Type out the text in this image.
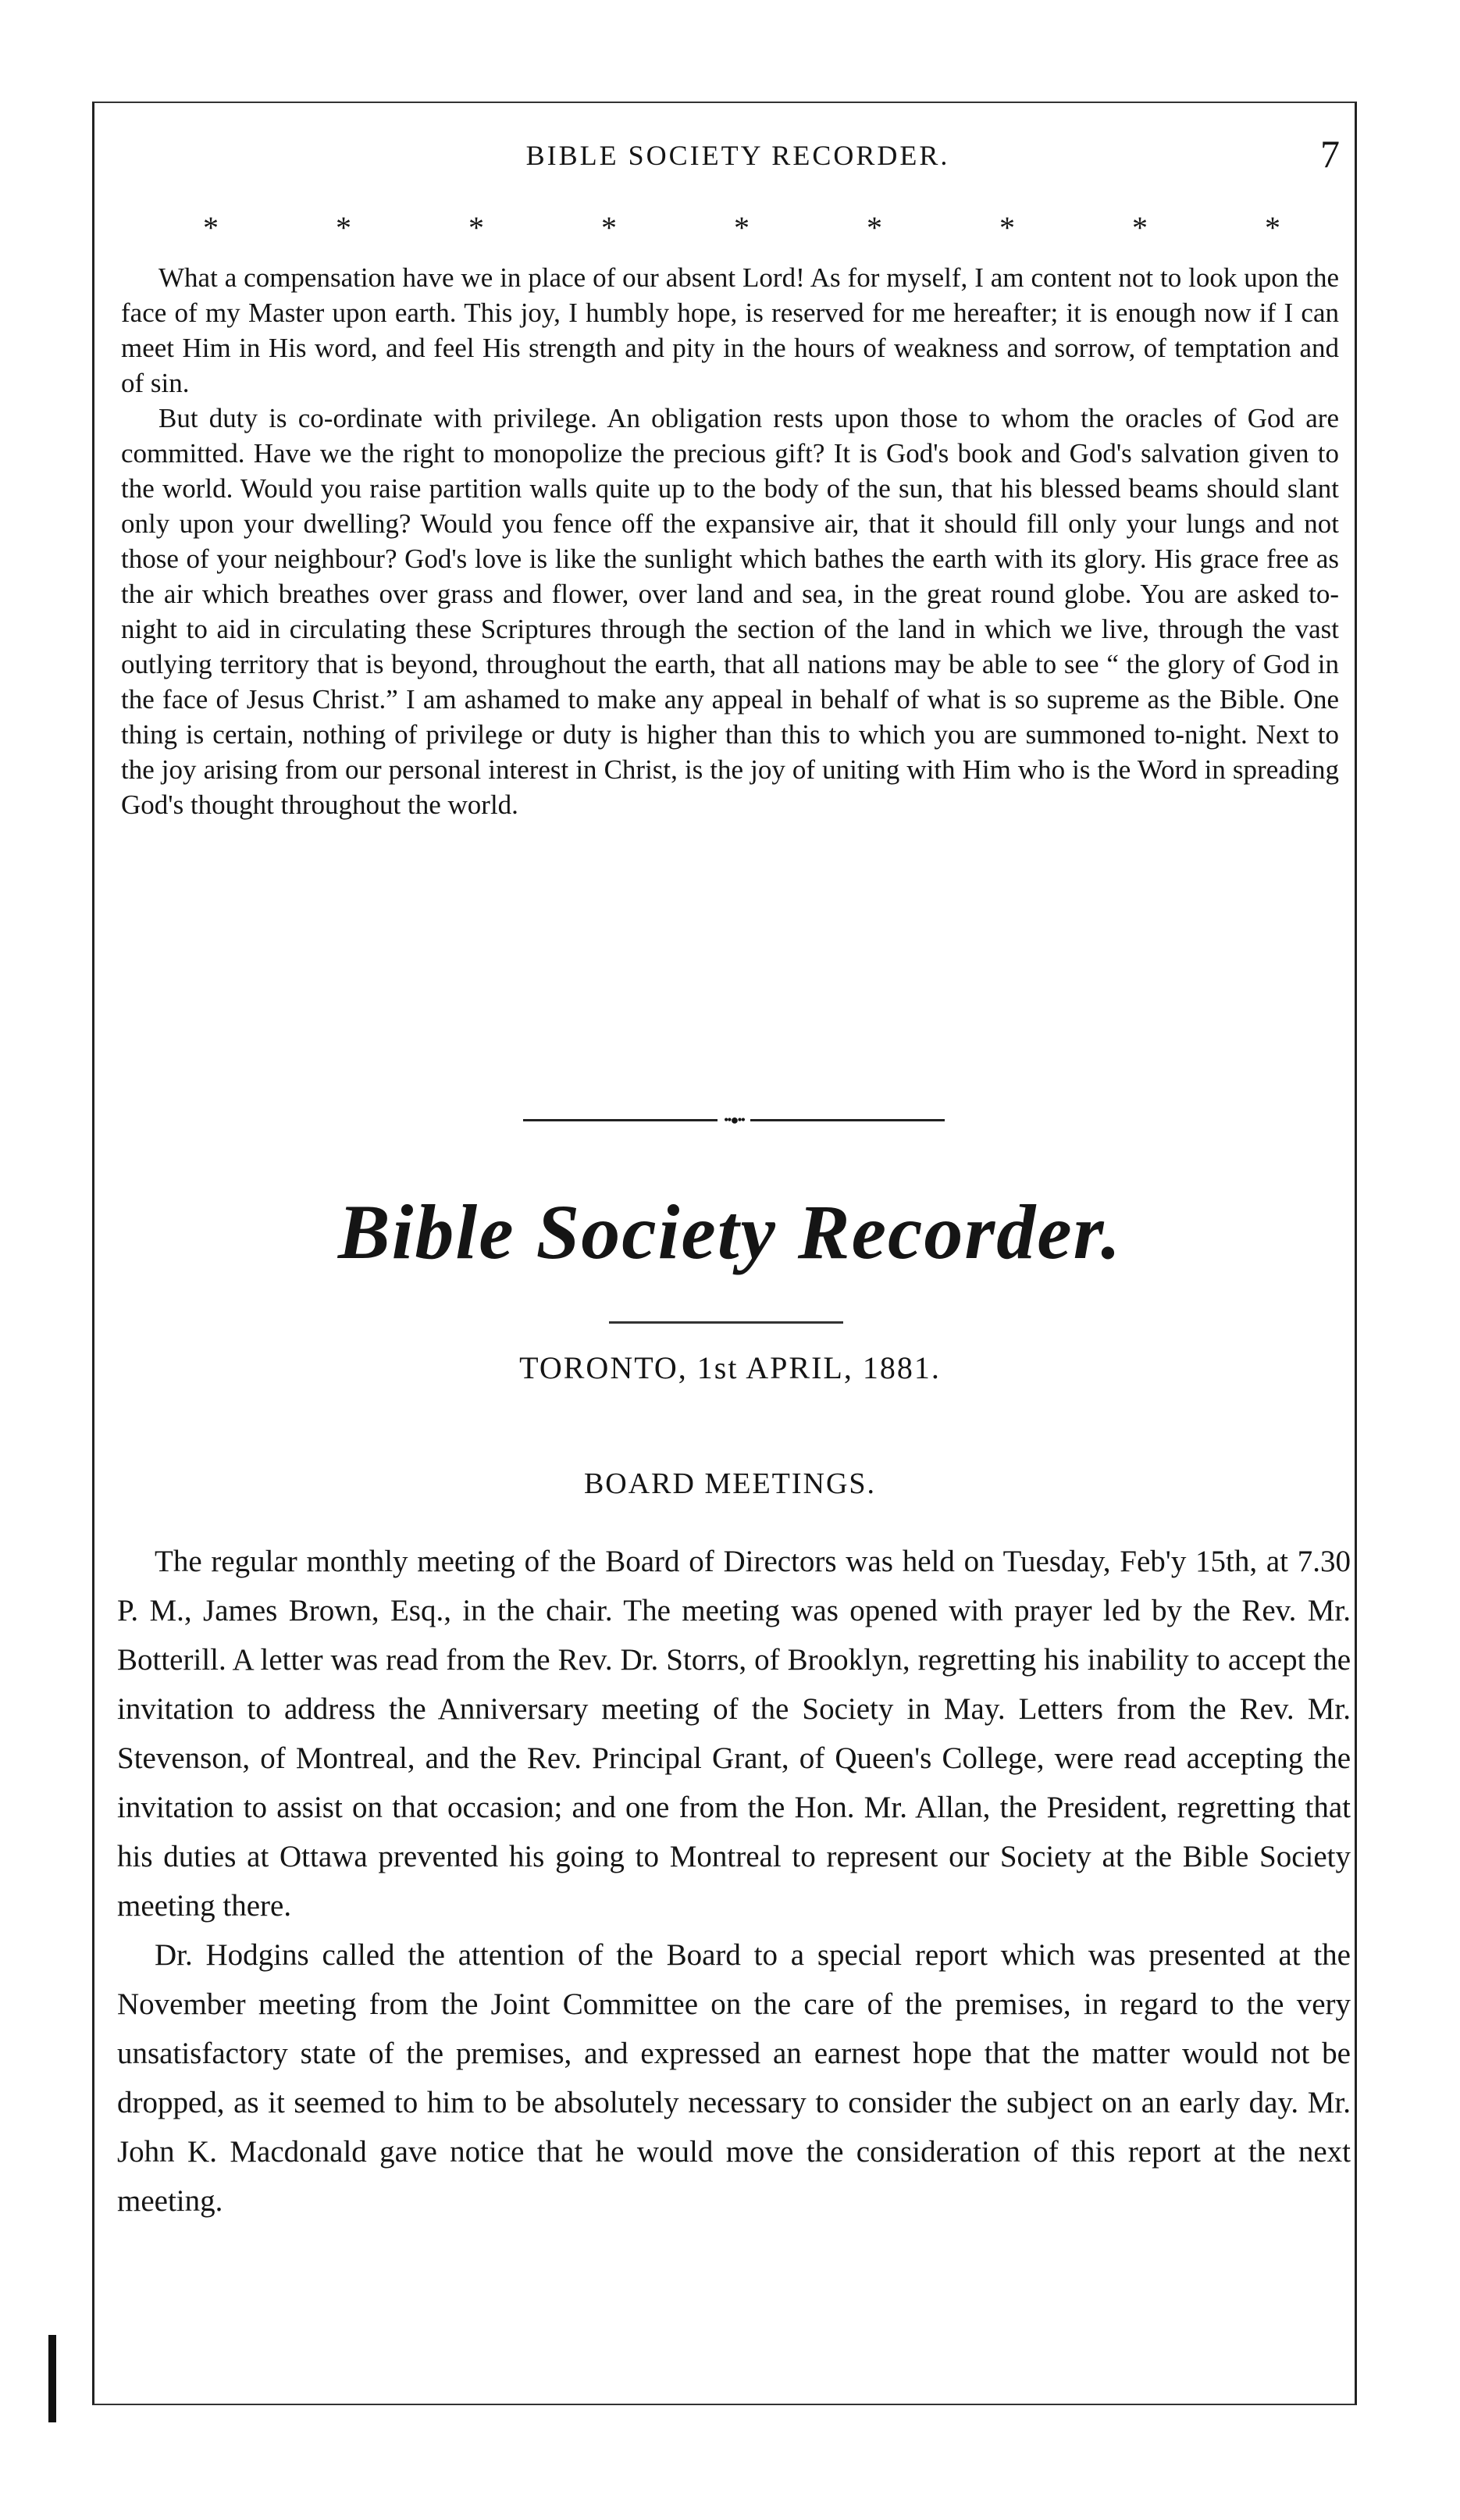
BIBLE SOCIETY RECORDER.	7
*	*	*	*	*	*	*	*	*

What a compensation have we in place of our absent Lord! As for myself, I am content not to look upon the face of my Master upon earth. This joy, I humbly hope, is reserved for me hereafter; it is enough now if I can meet Him in His word, and feel His strength and pity in the hours of weakness and sorrow, of temptation and of sin.

But duty is co-ordinate with privilege. An obligation rests upon those to whom the oracles of God are committed. Have we the right to monopolize the precious gift? It is God's book and God's salvation given to the world. Would you raise partition walls quite up to the body of the sun, that his blessed beams should slant only upon your dwelling? Would you fence off the expansive air, that it should fill only your lungs and not those of your neighbour? God's love is like the sunlight which bathes the earth with its glory. His grace free as the air which breathes over grass and flower, over land and sea, in the great round globe. You are asked to-night to aid in circulating these Scriptures through the section of the land in which we live, through the vast outlying territory that is beyond, throughout the earth, that all nations may be able to see “ the glory of God in the face of Jesus Christ.” I am ashamed to make any appeal in behalf of what is so supreme as the Bible. One thing is certain, nothing of privilege or duty is higher than this to which you are summoned to-night. Next to the joy arising from our personal interest in Christ, is the joy of uniting with Him who is the Word in spreading God's thought throughout the world.

••●••
Bible Society Recorder.
TORONTO, 1st APRIL, 1881.
BOARD MEETINGS.

The regular monthly meeting of the Board of Directors was held on Tuesday, Feb'y 15th, at 7.30 P. M., James Brown, Esq., in the chair. The meeting was opened with prayer led by the Rev. Mr. Botterill. A letter was read from the Rev. Dr. Storrs, of Brooklyn, regretting his inability to accept the invitation to address the Anniversary meeting of the Society in May. Letters from the Rev. Mr. Stevenson, of Montreal, and the Rev. Principal Grant, of Queen's College, were read accepting the invitation to assist on that occasion; and one from the Hon. Mr. Allan, the President, regretting that his duties at Ottawa prevented his going to Montreal to represent our Society at the Bible Society meeting there.

Dr. Hodgins called the attention of the Board to a special report which was presented at the November meeting from the Joint Committee on the care of the premises, in regard to the very unsatisfactory state of the premises, and expressed an earnest hope that the matter would not be dropped, as it seemed to him to be absolutely necessary to consider the subject on an early day. Mr. John K. Macdonald gave notice that he would move the consideration of this report at the next meeting.
